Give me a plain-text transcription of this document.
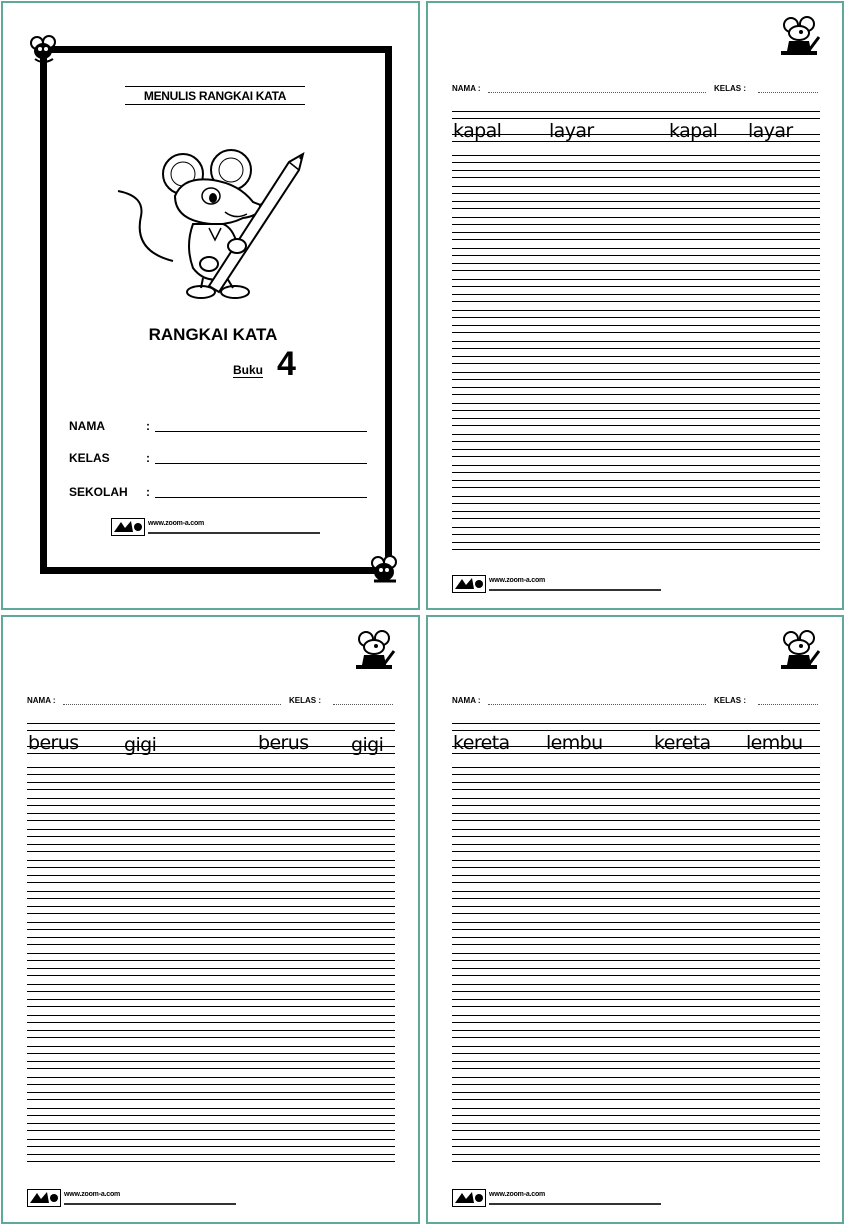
MENULIS RANGKAI KATA
RANGKAI KATA
Buku 4
NAMA	:
KELAS	:
SEKOLAH :
www.zoom-a.com
NAMA :	KELAS :
kapal	layar	kapal layar
www.zoom-a.com
NAMA :	KELAS :
berus gigi	berus gigi
www.zoom-a.com
NAMA :	KELAS :
kereta lembu	kereta lembu
www.zoom-a.com
